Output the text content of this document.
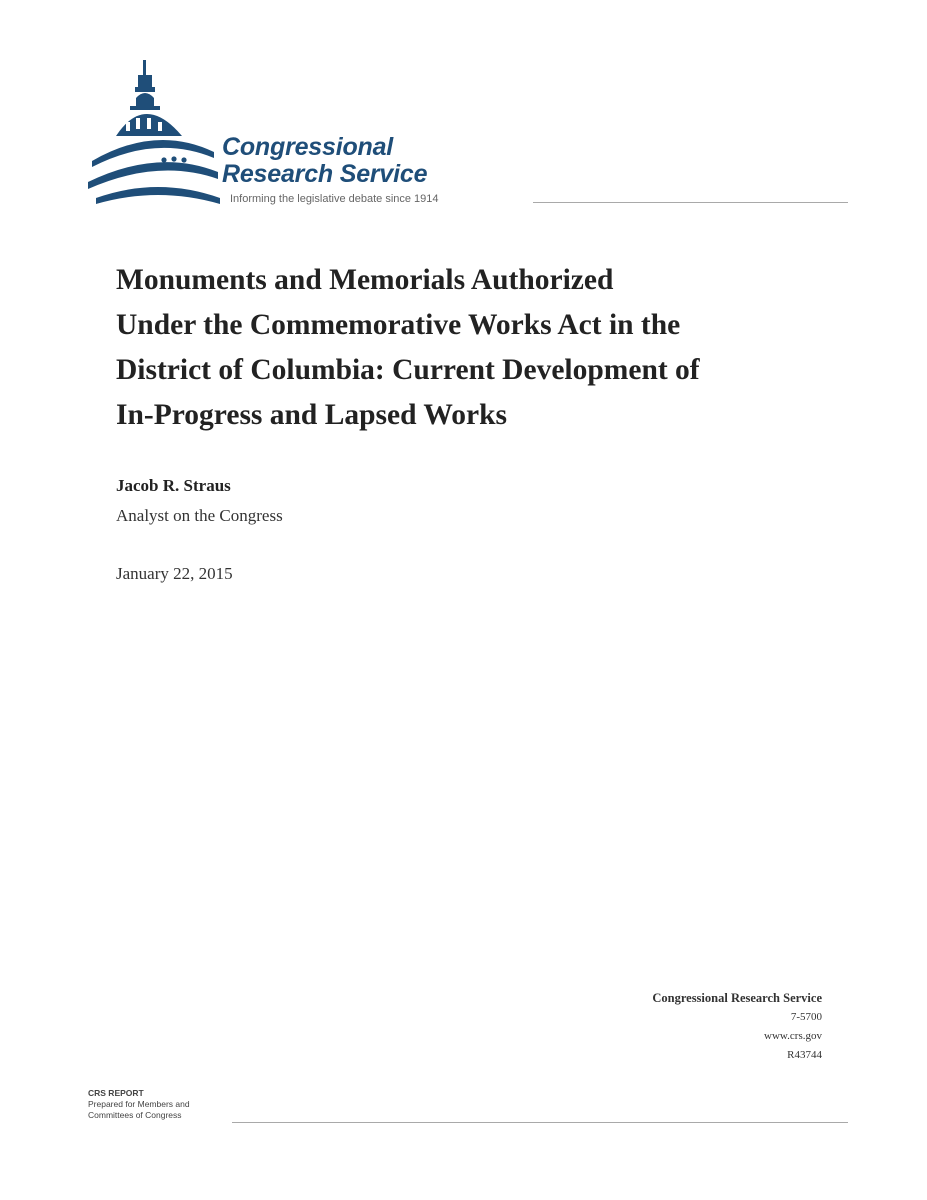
Congressional
Research Service
Informing the legislative debate since 1914
Monuments and Memorials Authorized
Under the Commemorative Works Act in the
District of Columbia: Current Development of
In-Progress and Lapsed Works
Jacob R. Straus
Analyst on the Congress
January 22, 2015
Congressional Research Service
7-5700
www.crs.gov
R43744
CRS REPORT
Prepared for Members and
Committees of Congress
